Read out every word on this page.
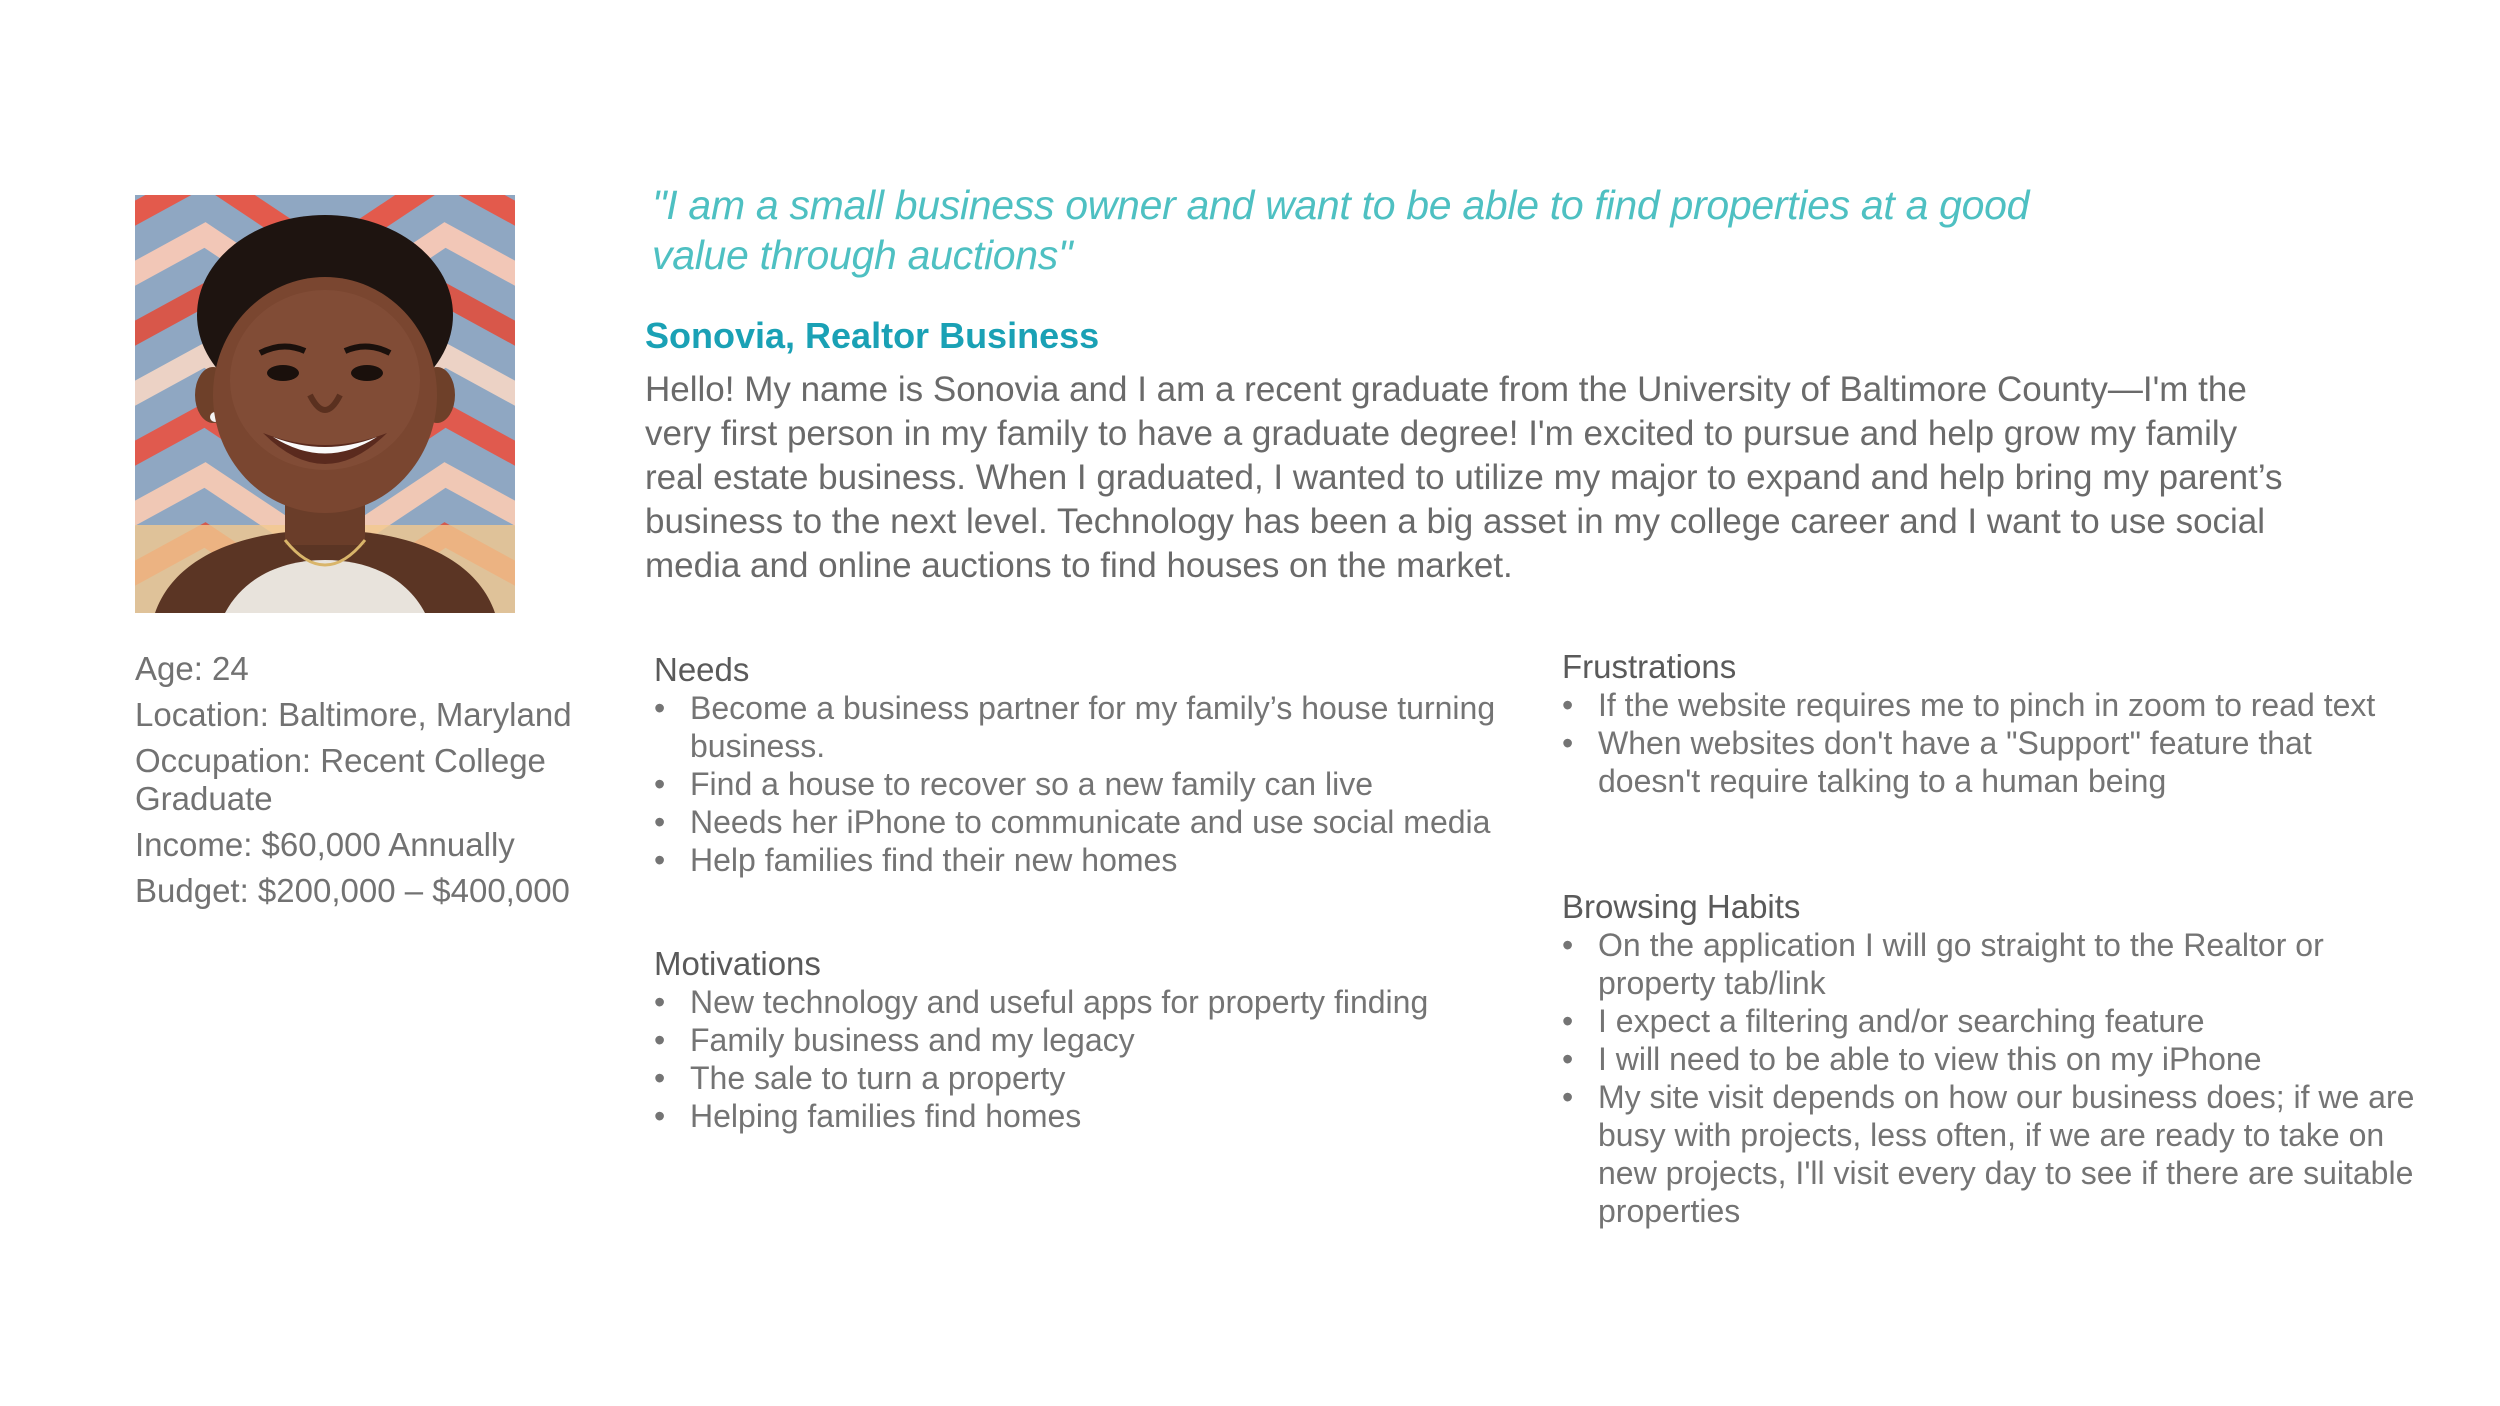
Age: 24
Location: Baltimore, Maryland
Occupation: Recent College Graduate
Income: $60,000 Annually
Budget: $200,000 – $400,000
"I am a small business owner and want to be able to find properties at a good value through auctions"
Sonovia, Realtor Business
Hello! My name is Sonovia and I am a recent graduate from the University of Baltimore County—I'm the very first person in my family to have a graduate degree! I'm excited to pursue and help grow my family real estate business. When I graduated, I wanted to utilize my major to expand and help bring my parent’s business to the next level. Technology has been a big asset in my college career and I want to use social media and online auctions to find houses on the market.
Needs
• Become a business partner for my family’s house turning business.
• Find a house to recover so a new family can live
• Needs her iPhone to communicate and use social media
• Help families find their new homes
Motivations
• New technology and useful apps for property finding
• Family business and my legacy
• The sale to turn a property
• Helping families find homes
Frustrations
• If the website requires me to pinch in zoom to read text
• When websites don't have a "Support" feature that doesn't require talking to a human being
Browsing Habits
• On the application I will go straight to the Realtor or property tab/link
• I expect a filtering and/or searching feature
• I will need to be able to view this on my iPhone
• My site visit depends on how our business does; if we are busy with projects, less often, if we are ready to take on new projects, I'll visit every day to see if there are suitable properties
